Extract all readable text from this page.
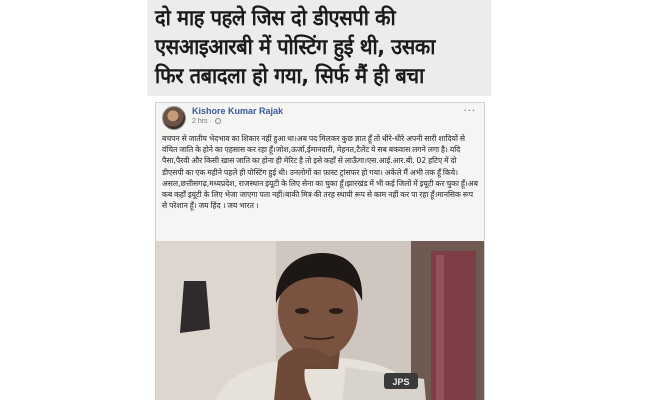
दो माह पहले जिस दो डीएसपी की
एसआइआरबी में पोस्टिंग हुई थी, उसका
फिर तबादला हो गया, सिर्फ मैं ही बचा
Kishore Kumar Rajak
2 hrs ·
···

बचपन से जातीय भेदभाव का शिकार नहीं हुआ था।अब पद मिलकर कुछ ज्ञात हूँ तो धीरे-धीरे अपनी सारी शादियों से वंचित जाति के होने का एहसास कर रहा हूँ।जोश,ऊर्जा,ईमानदारी, मेहनत,टैलेंट ये सब बकवास लगने लगा है। यदि पैसा,पैरवी और किसी खास जाति का होना ही मेरिट है तो इसे कहाँ से लाऊँगा।एस.आई.आर.बी. 02 हटिए में दो डीएसपी का एक महीने पहले ही पोस्टिंग हुई थी। उनलोगों का फ़ास्ट ट्रांसफर हो गया। अकेले मैं अभी तक हूँ किये। असल,छत्तीसगढ़,मध्यप्रदेश, राजस्थान इयूटी के लिए सेना का चुका हूँ।झारखंड में भी कई जिलों में इयूटी कर चुका हूँ।अब कब कहाँ इयूटी के लिए भेजा जाएगा पता नहीं।बाकी मित्र की तरह स्थायी रूप से काम नहीं कर पा रहा हूँ।मानसिक रूप से परेशान हूँ। जय हिंद । जय भारत ।

JPS
